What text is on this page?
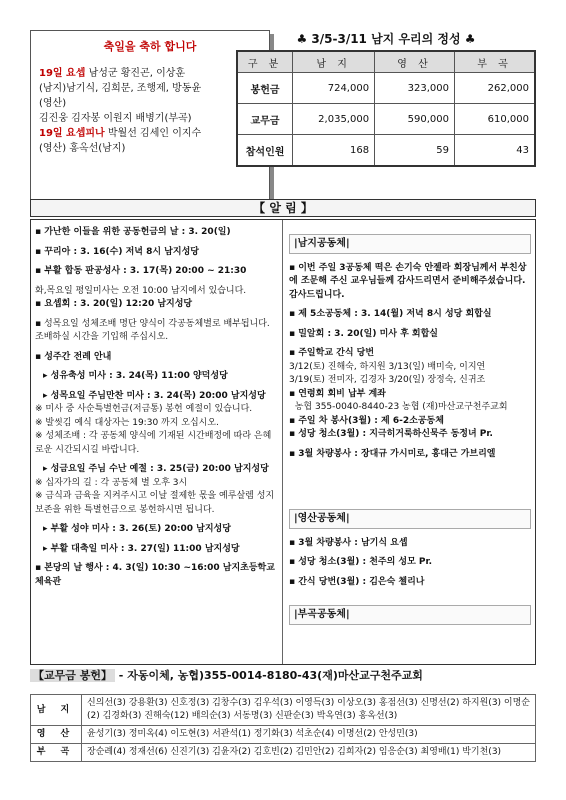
축일을 축하 합니다

19일 요셉 남성군 황진곤, 이상훈

(남지)남기식, 김희문, 조행제, 방동윤

(영산)

김진웅 김자봉 이원지 배병기(부곡)

19일 요셉피나 박월선 김세인 이지수

(영산) 홍옥선(남지)

♣ 3/5-3/11 남지 우리의 정성 ♣
구 분	남 지	영 산	부 곡
봉헌금	724,000	323,000	262,000
교무금	2,035,000	590,000	610,000
참석인원	168	59	43
【 알 림 】
▪ 가난한 이들을 위한 공동헌금의 날 : 3. 20(일)
▪ 꾸리아 : 3. 16(수) 저녁 8시 남지성당
▪ 부활 합동 판공성사 : 3. 17(목) 20:00 ~ 21:30
화,목요일 평일미사는 오전 10:00 남지에서 있습니다.
▪ 요셉회 : 3. 20(일) 12:20 남지성당
▪ 성목요일 성체조배 명단 양식이 각공동체별로 배부됩니다. 조배하실 시간을 기입해 주십시오.
▪ 성주간 전례 안내
▸ 성유축성 미사 : 3. 24(목) 11:00 양덕성당
▸ 성목요일 주님만찬 미사 : 3. 24(목) 20:00 남지성당
※ 미사 중 사순특별헌금(저금통) 봉헌 예절이 있습니다.
※ 발씻김 예식 대상자는 19:30 까지 오십시오.
※ 성체조배 : 각 공동체 양식에 기재된 시간배정에 따라 은혜로운 시간되시길 바랍니다.
▸ 성금요일 주님 수난 예절 : 3. 25(금) 20:00 남지성당
※ 십자가의 길 : 각 공동체 별 오후 3시
※ 금식과 금육을 지켜주시고 이날 절제한 몫을 예루살렘 성지보존을 위한 특별헌금으로 봉헌하시면 됩니다.
▸ 부활 성야 미사 : 3. 26(토) 20:00 남지성당
▸ 부활 대축일 미사 : 3. 27(일) 11:00 남지성당
▪ 본당의 날 행사 : 4. 3(일) 10:30 ~16:00 남지초등학교체육관
|남지공동체|
▪ 이번 주일 3공동체 떡은 손기숙 안젤라 회장님께서 부친상에 조문해 주신 교우님들께 감사드리면서 준비해주셨습니다. 감사드립니다.
▪ 제 5소공동체 : 3. 14(월) 저녁 8시 성당 회합실
▪ 밀알회 : 3. 20(일) 미사 후 회합실
▪ 주일학교 간식 당번
3/12(토) 진해숙, 하지원 3/13(일) 배미숙, 이지연
3/19(토) 전미자, 김경자 3/20(일) 장정숙, 신귀조
▪ 연령회 회비 납부 계좌
농협 355-0040-8440-23 농협 (재)마산교구천주교회
▪ 주일 차 봉사(3월) : 제 6-2소공동체
▪ 성당 청소(3월) : 지극히거룩하신묵주 동정녀 Pr.
▪ 3월 차량봉사 : 장대규 가시미로, 홍대근 가브리엘
|영산공동체|
▪ 3월 차량봉사 : 남기식 요셉
▪ 성당 청소(3월) : 천주의 성모 Pr.
▪ 간식 당번(3월) : 김은숙 첼리나
|부곡공동체|
【교무금 봉헌】 - 자동이체, 농협)355-0014-8180-43(재)마산교구천주교회
남 지	신의선(3) 강용환(3) 신호정(3) 김창수(3) 김우석(3) 이영득(3) 이상오(3) 홍점선(3) 신명선(2) 하지원(3) 이명순(2) 김경화(3) 진해숙(12) 배의순(3) 서동명(3) 신판순(3) 박옥연(3) 홍옥선(3)
영 산	윤성기(3) 정미옥(4) 이도현(3) 서관석(1) 정기화(3) 석초순(4) 이명선(2) 안성민(3)
부 곡	장순례(4) 정재선(6) 신진기(3) 김윤자(2) 김호빈(2) 김민안(2) 김희자(2) 임응순(3) 최영배(1) 박기천(3)
